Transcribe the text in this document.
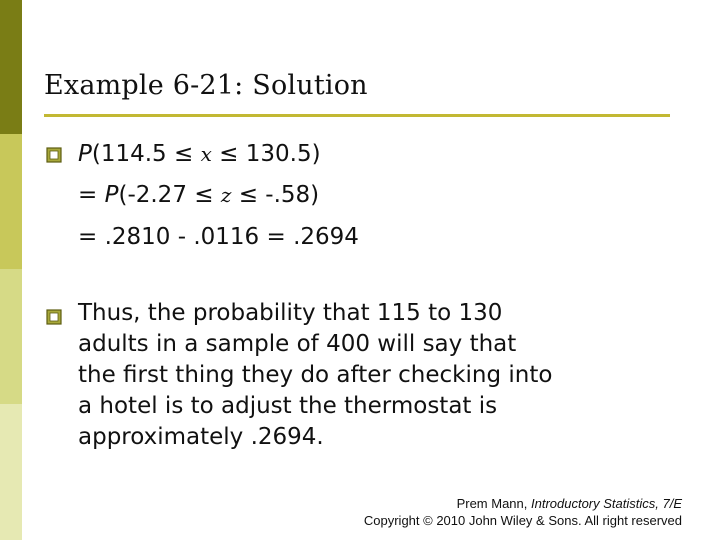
Example 6-21: Solution
P(114.5 ≤ x ≤ 130.5)
= P(-2.27 ≤ z ≤ -.58)
= .2810 - .0116 = .2694
Thus, the probability that 115 to 130
adults in a sample of 400 will say that
the first thing they do after checking into
a hotel is to adjust the thermostat is
approximately .2694.
Prem Mann, Introductory Statistics, 7/E
Copyright © 2010 John Wiley & Sons. All right reserved
